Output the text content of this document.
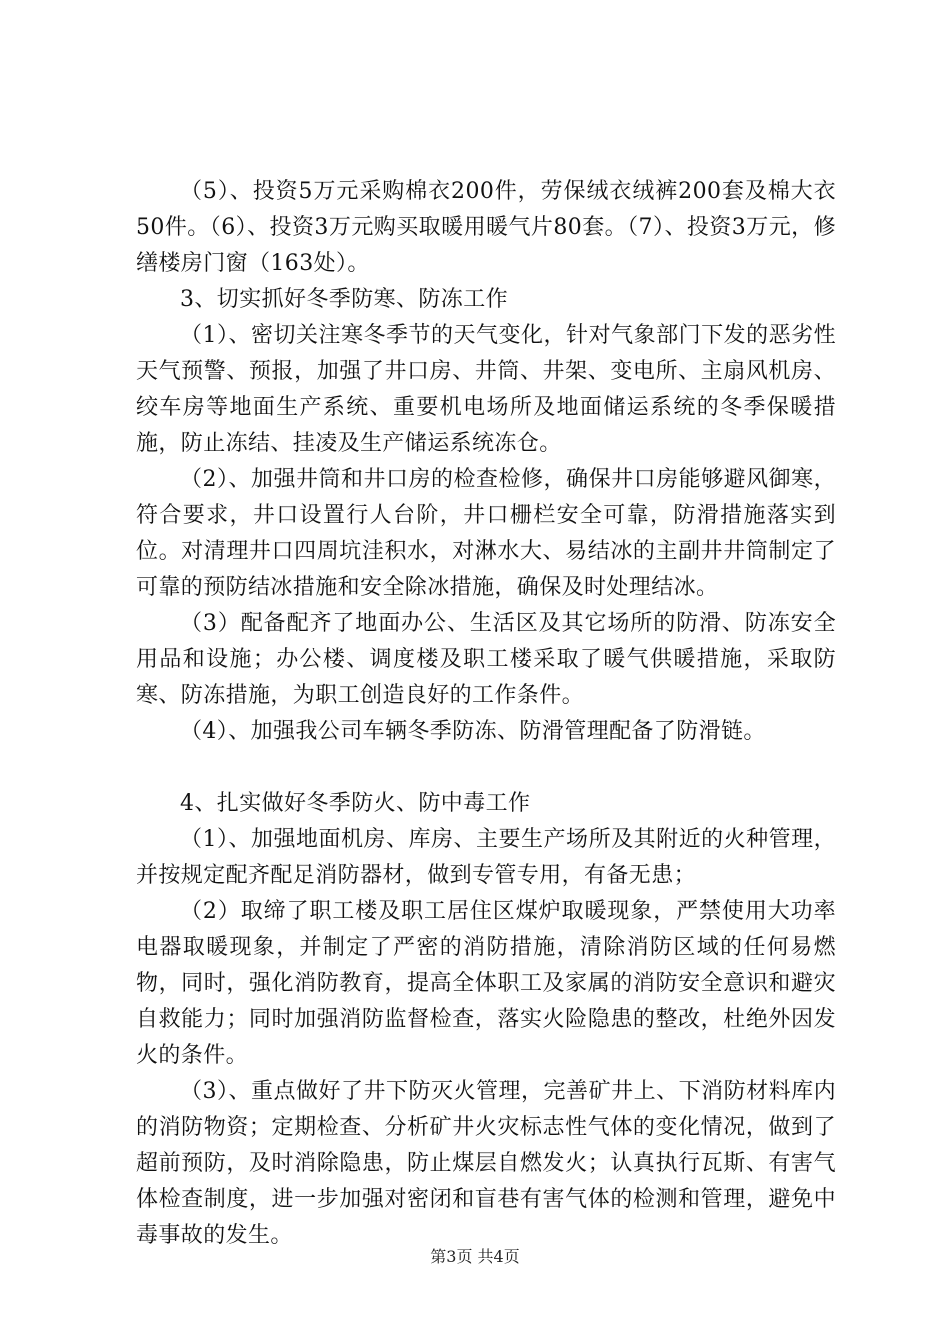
（5）、投资5万元采购棉衣200件，劳保绒衣绒裤200套及棉大衣50件。（6）、投资3万元购买取暖用暖气片80套。（7）、投资3万元，修缮楼房门窗（163处）。

3、切实抓好冬季防寒、防冻工作

（1）、密切关注寒冬季节的天气变化，针对气象部门下发的恶劣性天气预警、预报，加强了井口房、井筒、井架、变电所、主扇风机房、绞车房等地面生产系统、重要机电场所及地面储运系统的冬季保暖措施，防止冻结、挂凌及生产储运系统冻仓。

（2）、加强井筒和井口房的检查检修，确保井口房能够避风御寒，符合要求，井口设置行人台阶，井口栅栏安全可靠，防滑措施落实到位。对清理井口四周坑洼积水，对淋水大、易结冰的主副井井筒制定了可靠的预防结冰措施和安全除冰措施，确保及时处理结冰。

（3）配备配齐了地面办公、生活区及其它场所的防滑、防冻安全用品和设施；办公楼、调度楼及职工楼采取了暖气供暖措施，采取防寒、防冻措施，为职工创造良好的工作条件。

（4）、加强我公司车辆冬季防冻、防滑管理配备了防滑链。

4、扎实做好冬季防火、防中毒工作

（1）、加强地面机房、库房、主要生产场所及其附近的火种管理，并按规定配齐配足消防器材，做到专管专用，有备无患；

（2）取缔了职工楼及职工居住区煤炉取暖现象，严禁使用大功率电器取暖现象，并制定了严密的消防措施，清除消防区域的任何易燃物，同时，强化消防教育，提高全体职工及家属的消防安全意识和避灾自救能力；同时加强消防监督检查，落实火险隐患的整改，杜绝外因发火的条件。

（3）、重点做好了井下防灭火管理，完善矿井上、下消防材料库内的消防物资；定期检查、分析矿井火灾标志性气体的变化情况，做到了超前预防，及时消除隐患，防止煤层自燃发火；认真执行瓦斯、有害气体检查制度，进一步加强对密闭和盲巷有害气体的检测和管理，避免中毒事故的发生。

第3页 共4页
